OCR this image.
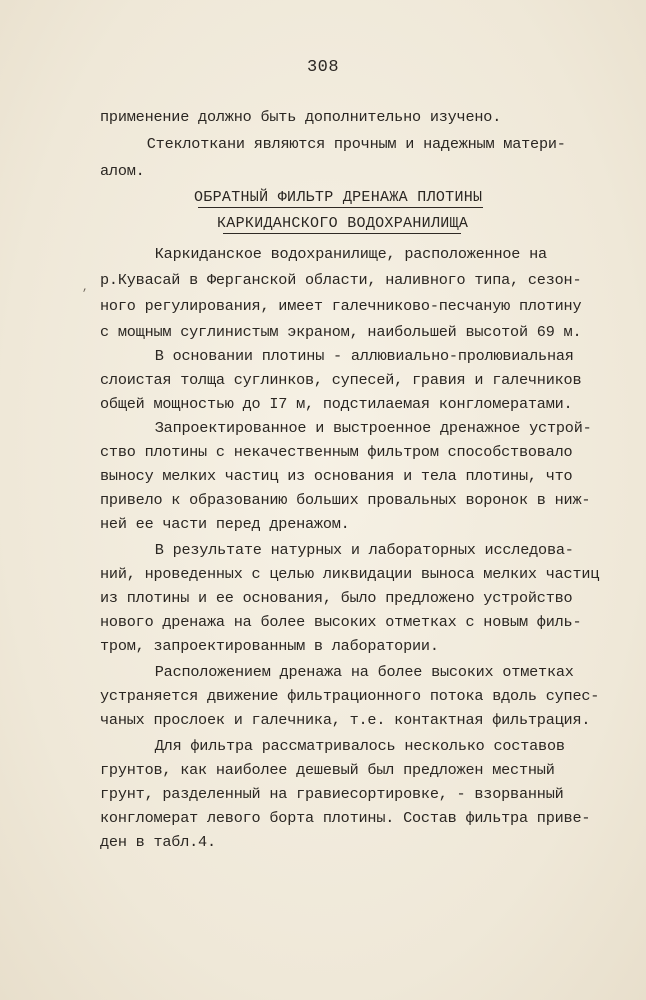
308
применение должно быть дополнительно изучено.
Стеклоткани являются прочным и надежным матери-
алом.
ОБРАТНЫЙ ФИЛЬТР ДРЕНАЖА ПЛОТИНЫ
КАРКИДАНСКОГО ВОДОХРАНИЛИЩА
Каркиданское водохранилище, расположенное на
р.Кувасай в Ферганской области, наливного типа, сезон-
ного регулирования, имеет галечниково-песчаную плотину
с мощным суглинистым экраном, наибольшей высотой 69 м.
В основании плотины - аллювиально-пролювиальная
слоистая толща суглинков, супесей, гравия и галечников
общей мощностью до I7 м, подстилаемая конгломератами.
Запроектированное и выстроенное дренажное устрой-
ство плотины с некачественным фильтром способствовало
выносу мелких частиц из основания и тела плотины, что
привело к образованию больших провальных воронок в ниж-
ней ее части перед дренажом.
В результате натурных и лабораторных исследова-
ний, нроведенных с целью ликвидации выноса мелких частиц
из плотины и ее основания, было предложено устройство
нового дренажа на более высоких отметках с новым филь-
тром, запроектированным в лаборатории.
Расположением дренажа на более высоких отметках
устраняется движение фильтрационного потока вдоль супес-
чаных прослоек и галечника, т.е. контактная фильтрация.
Для фильтра рассматривалось несколько составов
грунтов, как наиболее дешевый был предложен местный
грунт, разделенный на гравиесортировке, - взорванный
конгломерат левого борта плотины. Состав фильтра приве-
ден в табл.4.
,
